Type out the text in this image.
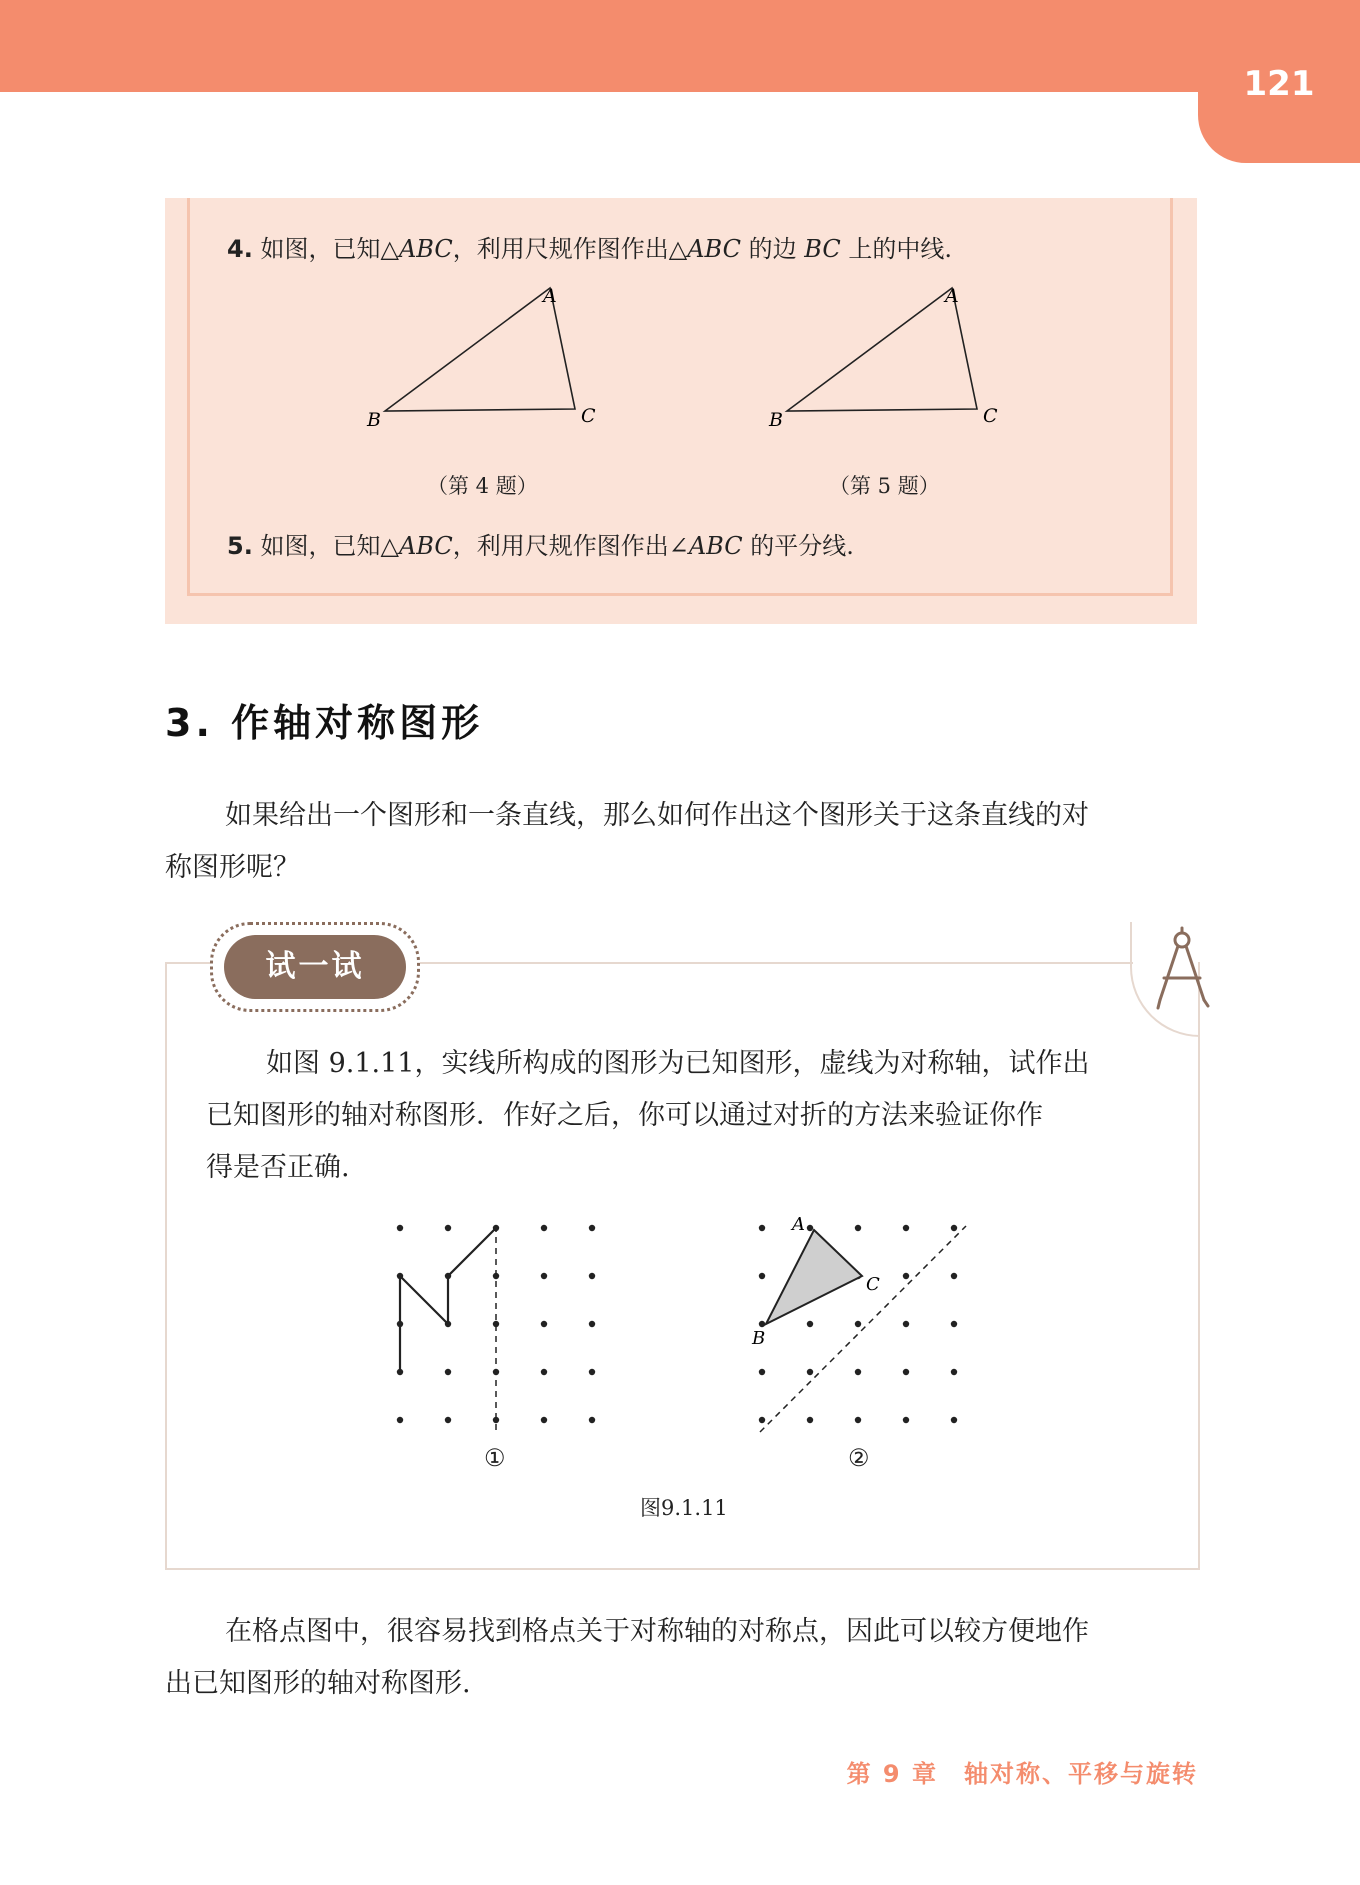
121
4. 如图，已知△ABC，利用尺规作图作出△ABC 的边 BC 上的中线.
A
B	C
（第 4 题）
A
B	C
（第 5 题）
5. 如图，已知△ABC，利用尺规作图作出∠ABC 的平分线.
3. 作轴对称图形

如果给出一个图形和一条直线，那么如何作出这个图形关于这条直线的对

称图形呢？

试一试

如图 9.1.11，实线所构成的图形为已知图形，虚线为对称轴，试作出

已知图形的轴对称图形．作好之后，你可以通过对折的方法来验证你作

得是否正确.

①
A
C
B
②
图9.1.11

在格点图中，很容易找到格点关于对称轴的对称点，因此可以较方便地作

出已知图形的轴对称图形.

第 9 章　轴对称、平移与旋转
